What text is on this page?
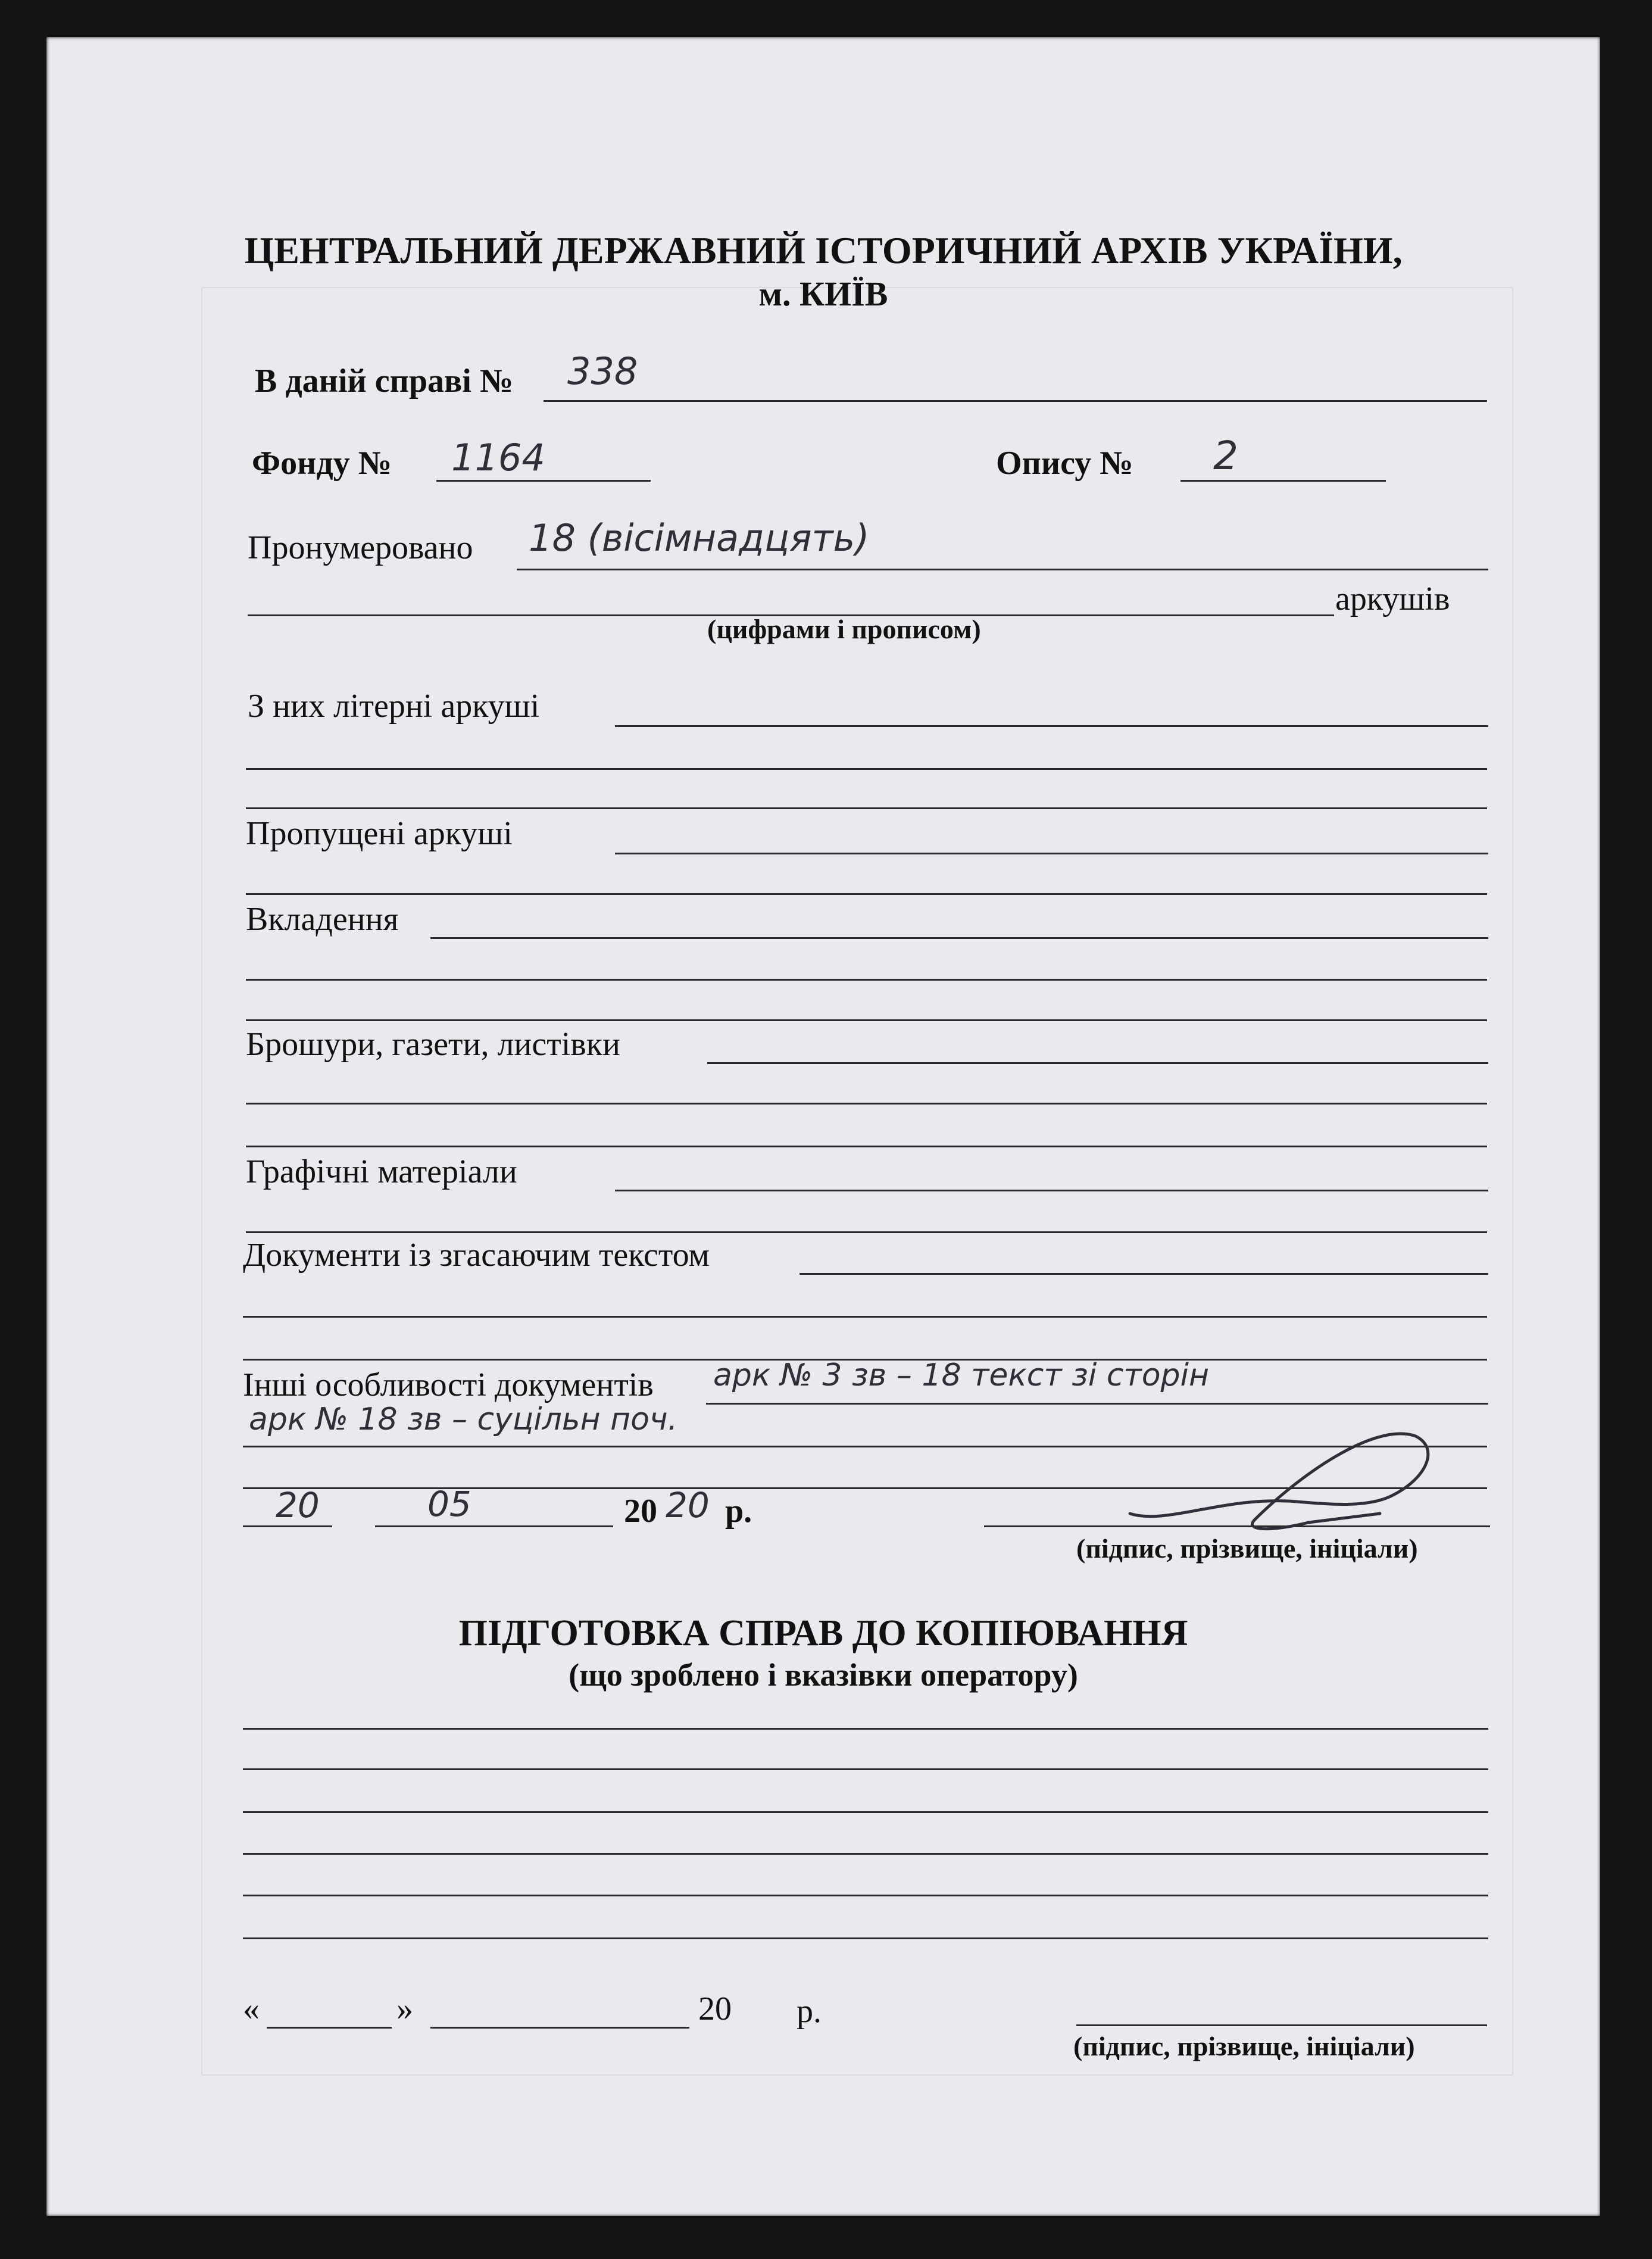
ЦЕНТРАЛЬНИЙ ДЕРЖАВНИЙ ІСТОРИЧНИЙ АРХІВ УКРАЇНИ,
м. КИЇВ
В даній справі № 338
Фонду № 1164	Опису № 2
Пронумеровано 18 (вісімнадцять)
аркушів
(цифрами і прописом)
З них літерні аркуші
Пропущені аркуші
Вкладення
Брошури, газети, листівки
Графічні матеріали
Документи із згасаючим текстом
Інші особливості документів арк № 3 зв – 18 текст зі сторін
арк № 18 зв – суцільн поч.
20	05	20 20 р.
(підпис, прізвище, ініціали)
ПІДГОТОВКА СПРАВ ДО КОПІЮВАННЯ
(що зроблено і вказівки оператору)
«	»	20 р.
(підпис, прізвище, ініціали)
